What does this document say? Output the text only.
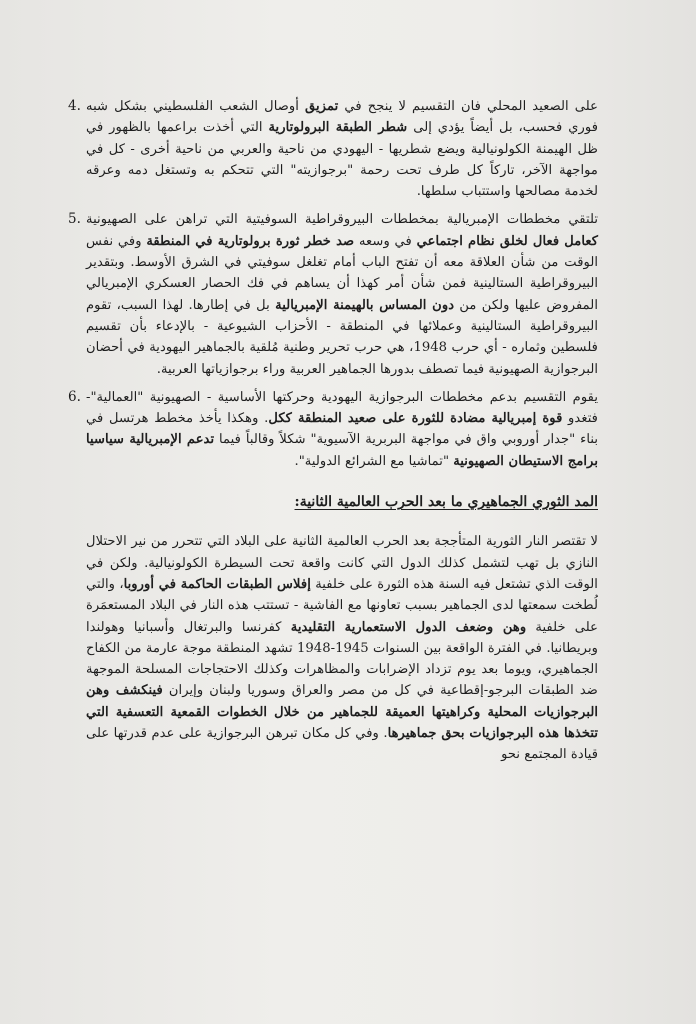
4.	على الصعيد المحلي فان التقسيم لا ينجح في تمزيق أوصال الشعب الفلسطيني بشكل شبه فوري فحسب، بل أيضاً يؤدي إلى شطر الطبقة البرولوتارية التي أخذت براعمها بالظهور في ظل الهيمنة الكولونيالية ويضع شطريها - اليهودي من ناحية والعربي من ناحية أخرى - كل في مواجهة الآخر، تاركاً كل طرف تحت رحمة "برجوازيته" التي تتحكم به وتستغل دمه وعرقه لخدمة مصالحها واستتباب سلطها.

5. تلتقي مخططات الإمبريالية بمخططات البيروقراطية السوفيتية التي تراهن على الصهيونية كعامل فعال لخلق نظام اجتماعي في وسعه صد خطر ثورة برولوتارية في المنطقة وفي نفس الوقت من شأن العلاقة معه أن تفتح الباب أمام تغلغل سوفيتي في الشرق الأوسط. وبتقدير البيروقراطية الستالينية فمن شأن أمر كهذا أن يساهم في فك الحصار العسكري الإمبريالي المفروض عليها ولكن من دون المساس بالهيمنة الإمبريالية بل في إطارها. لهذا السبب، تقوم البيروقراطية الستالينية وعملائها في المنطقة - الأحزاب الشيوعية - بالإدعاء بأن تقسيم فلسطين وثماره - أي حرب 1948، هي حرب تحرير وطنية مُلقية بالجماهير اليهودية في أحضان البرجوازية الصهيونية فيما تصطف بدورها الجماهير العربية وراء برجوازياتها العربية.

6. يقوم التقسيم بدعم مخططات البرجوازية اليهودية وحركتها الأساسية - الصهيونية "العمالية"- فتغدو قوة إمبريالية مضادة للثورة على صعيد المنطقة ككل. وهكذا يأخذ مخطط هرتسل في بناء "جدار أوروبي واق في مواجهة البربرية الآسيوية" شكلاً وقالباً فيما تدعم الإمبريالية سياسيا برامج الاستيطان الصهيونية "تماشيا مع الشرائع الدولية".

المد الثوري الجماهيري ما بعد الحرب العالمية الثانية:

لا تقتصر النار الثورية المتأججة بعد الحرب العالمية الثانية على البلاد التي تتحرر من نير الاحتلال النازي بل تهب لتشمل كذلك الدول التي كانت واقعة تحت السيطرة الكولونيالية. ولكن في الوقت الذي تشتعل فيه السنة هذه الثورة على خلفية إفلاس الطبقات الحاكمة في أوروبا، والتي لُطخت سمعتها لدى الجماهير بسبب تعاونها مع الفاشية - تستتب هذه النار في البلاد المستعمَرة على خلفية وهن وضعف الدول الاستعمارية التقليدية كفرنسا والبرتغال وأسبانيا وهولندا وبريطانيا. في الفترة الواقعة بين السنوات 1945-1948 تشهد المنطقة موجة عارمة من الكفاح الجماهيري، ويوما بعد يوم تزداد الإضرابات والمظاهرات وكذلك الاحتجاجات المسلحة الموجهة ضد الطبقات البرجو-إقطاعية في كل من مصر والعراق وسوريا ولبنان وإيران فينكشف وهن البرجوازيات المحلية وكراهيتها العميقة للجماهير من خلال الخطوات القمعية التعسفية التي تتخذها هذه البرجوازيات بحق جماهيرها. وفي كل مكان تبرهن البرجوازية على عدم قدرتها على قيادة المجتمع نحو
